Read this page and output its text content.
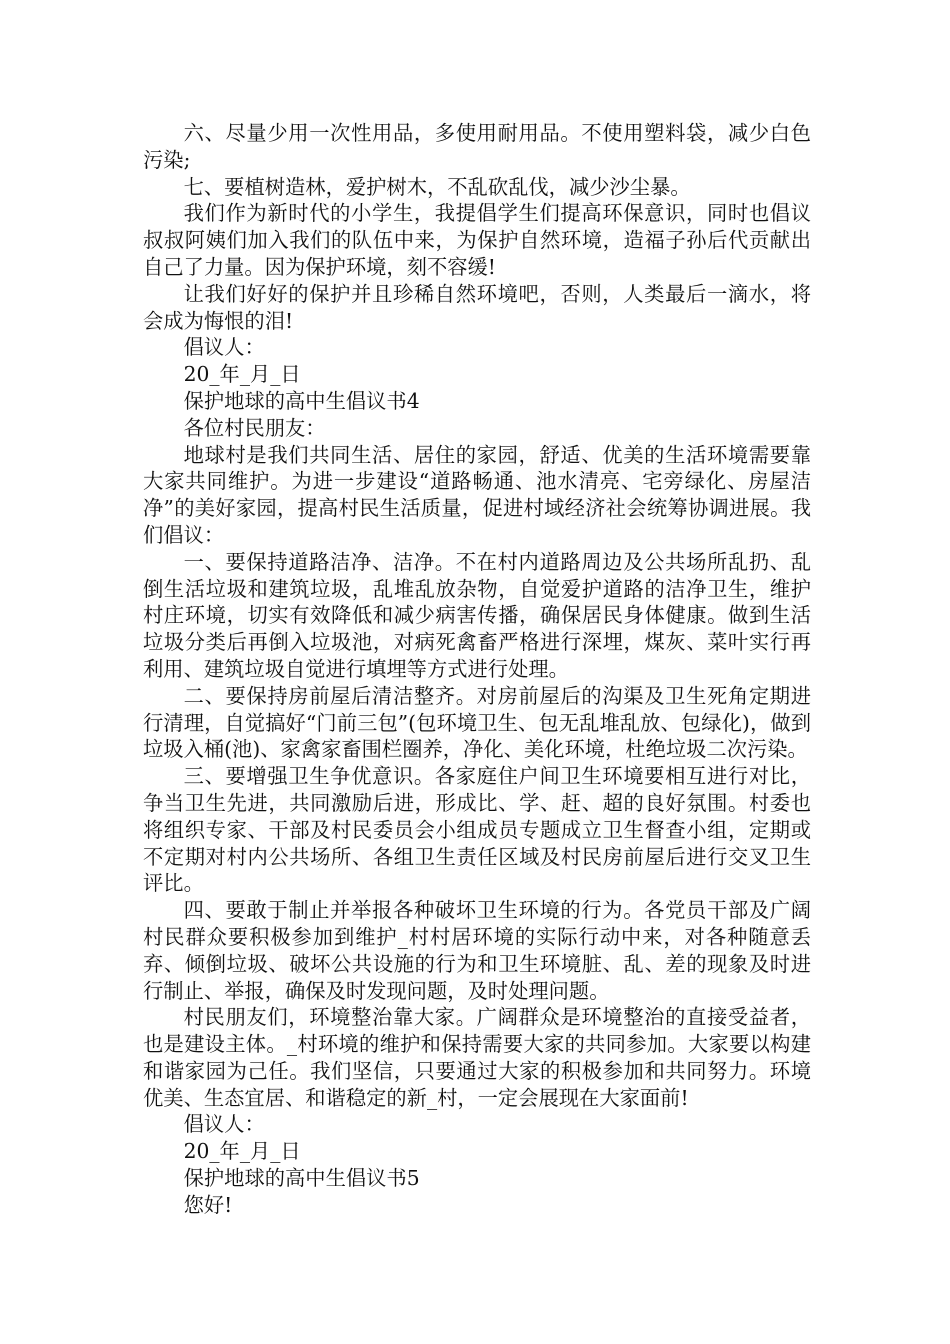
六、尽量少用一次性用品，多使用耐用品。不使用塑料袋，减少白色污染;

七、要植树造林，爱护树木，不乱砍乱伐，减少沙尘暴。

我们作为新时代的小学生，我提倡学生们提高环保意识，同时也倡议叔叔阿姨们加入我们的队伍中来，为保护自然环境，造福子孙后代贡献出自己了力量。因为保护环境，刻不容缓!

让我们好好的保护并且珍稀自然环境吧，否则，人类最后一滴水，将会成为悔恨的泪!

倡议人：

20_年_月_日

保护地球的高中生倡议书4

各位村民朋友：

地球村是我们共同生活、居住的家园，舒适、优美的生活环境需要靠大家共同维护。为进一步建设“道路畅通、池水清亮、宅旁绿化、房屋洁净”的美好家园，提高村民生活质量，促进村域经济社会统筹协调进展。我们倡议：

一、要保持道路洁净、洁净。不在村内道路周边及公共场所乱扔、乱倒生活垃圾和建筑垃圾，乱堆乱放杂物，自觉爱护道路的洁净卫生，维护村庄环境，切实有效降低和减少病害传播，确保居民身体健康。做到生活垃圾分类后再倒入垃圾池，对病死禽畜严格进行深埋，煤灰、菜叶实行再利用、建筑垃圾自觉进行填埋等方式进行处理。

二、要保持房前屋后清洁整齐。对房前屋后的沟渠及卫生死角定期进行清理，自觉搞好“门前三包”(包环境卫生、包无乱堆乱放、包绿化)，做到垃圾入桶(池)、家禽家畜围栏圈养，净化、美化环境，杜绝垃圾二次污染。

三、要增强卫生争优意识。各家庭住户间卫生环境要相互进行对比，争当卫生先进，共同激励后进，形成比、学、赶、超的良好氛围。村委也将组织专家、干部及村民委员会小组成员专题成立卫生督查小组，定期或不定期对村内公共场所、各组卫生责任区域及村民房前屋后进行交叉卫生评比。

四、要敢于制止并举报各种破坏卫生环境的行为。各党员干部及广阔村民群众要积极参加到维护_村村居环境的实际行动中来，对各种随意丢弃、倾倒垃圾、破坏公共设施的行为和卫生环境脏、乱、差的现象及时进行制止、举报，确保及时发现问题，及时处理问题。

村民朋友们，环境整治靠大家。广阔群众是环境整治的直接受益者，也是建设主体。_村环境的维护和保持需要大家的共同参加。大家要以构建和谐家园为己任。我们坚信，只要通过大家的积极参加和共同努力。环境优美、生态宜居、和谐稳定的新_村，一定会展现在大家面前!

倡议人：

20_年_月_日

保护地球的高中生倡议书5

您好!
